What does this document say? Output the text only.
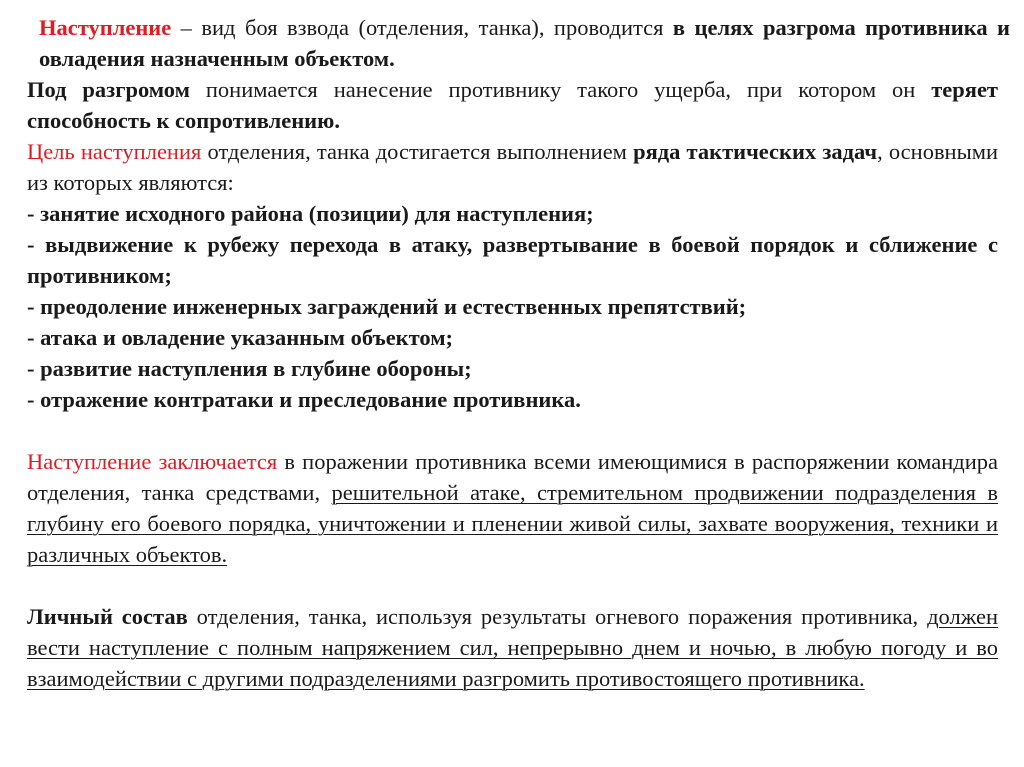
Наступление – вид боя взвода (отделения, танка), проводится в целях разгрома противника и овладения назначенным объектом.

Под разгромом понимается нанесение противнику такого ущерба, при котором он теряет способность к сопротивлению.

Цель наступления отделения, танка достигается выполнением ряда тактических задач, основными из которых являются:
- занятие исходного района (позиции) для наступления;
- выдвижение к рубежу перехода в атаку, развертывание в боевой порядок и сближение с противником;
- преодоление инженерных заграждений и естественных препятствий;
- атака и овладение указанным объектом;
- развитие наступления в глубине обороны;
- отражение контратаки и преследование противника.

Наступление заключается в поражении противника всеми имеющимися в распоряжении командира отделения, танка средствами, решительной атаке, стремительном продвижении подразделения в глубину его боевого порядка, уничтожении и пленении живой силы, захвате вооружения, техники и различных объектов.

Личный состав отделения, танка, используя результаты огневого поражения противника, должен вести наступление с полным напряжением сил, непрерывно днем и ночью, в любую погоду и во взаимодействии с другими подразделениями разгромить противостоящего противника.
